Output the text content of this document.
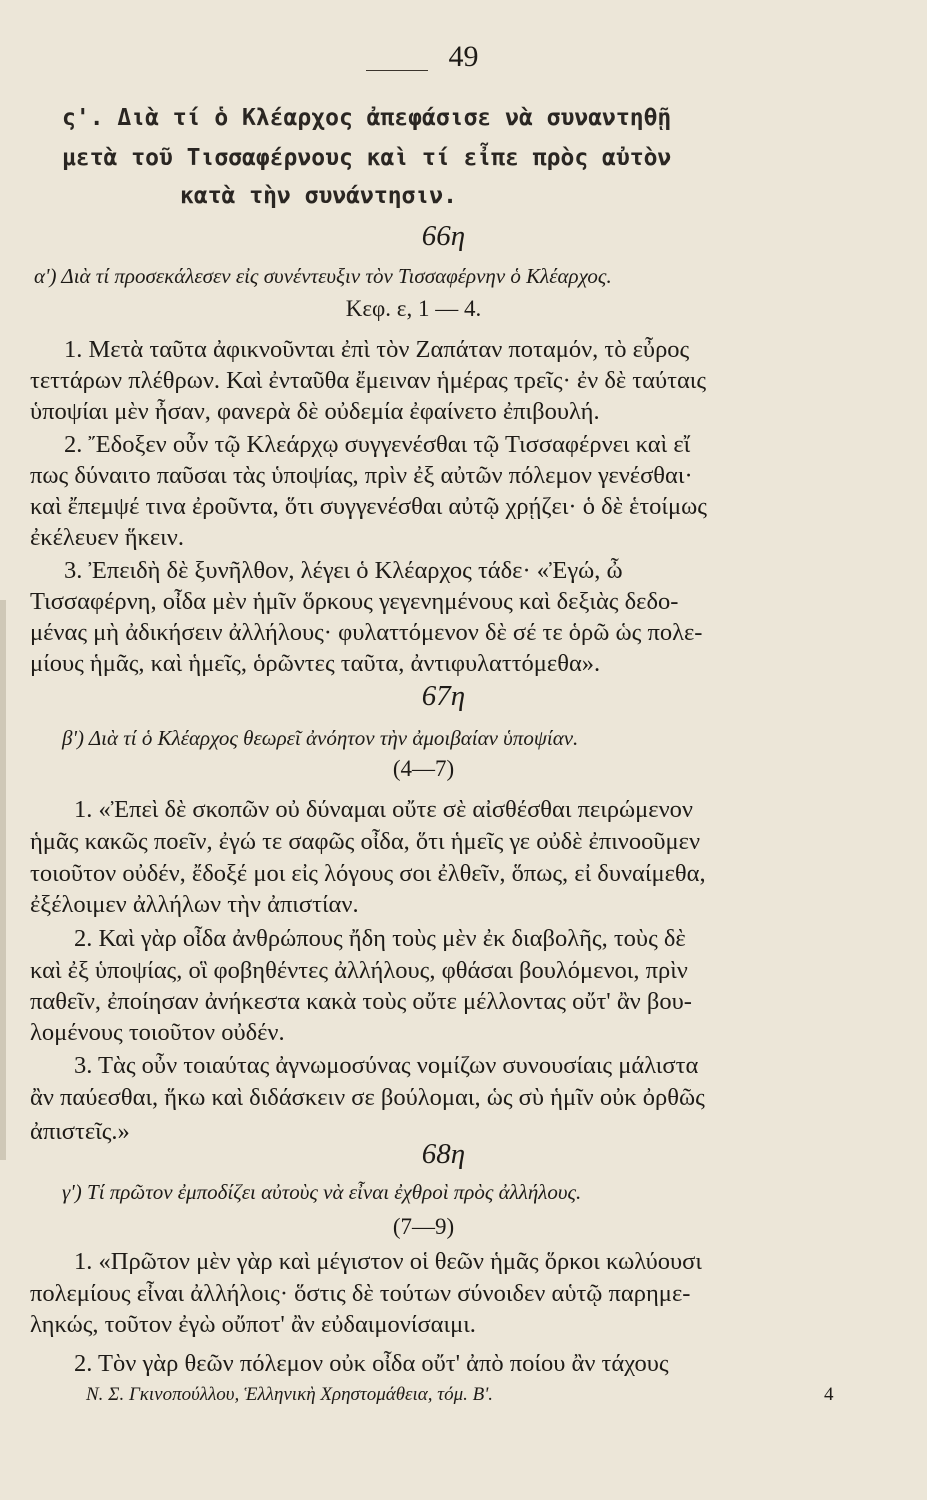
49
ς'. Διὰ τί ὁ Κλέαρχος ἀπεφάσισε νὰ συναντηθῇ
μετὰ τοῦ Τισσαφέρνους καὶ τί εἶπε πρὸς αὐτὸν
κατὰ τὴν συνάντησιν.
66η
α') Διὰ τί προσεκάλεσεν εἰς συνέντευξιν τὸν Τισσαφέρνην ὁ Κλέαρχος.
Κεφ. ε, 1 — 4.
1. Μετὰ ταῦτα ἀφικνοῦνται ἐπὶ τὸν Ζαπάταν ποταμόν, τὸ εὖρος
τεττάρων πλέθρων. Καὶ ἐνταῦθα ἔμειναν ἡμέρας τρεῖς· ἐν δὲ ταύταις
ὑποψίαι μὲν ἦσαν, φανερὰ δὲ οὐδεμία ἐφαίνετο ἐπιβουλή.
2. Ἔδοξεν οὖν τῷ Κλεάρχῳ συγγενέσθαι τῷ Τισσαφέρνει καὶ εἴ
πως δύναιτο παῦσαι τὰς ὑποψίας, πρὶν ἐξ αὐτῶν πόλεμον γενέσθαι·
καὶ ἔπεμψέ τινα ἐροῦντα, ὅτι συγγενέσθαι αὐτῷ χρῄζει· ὁ δὲ ἑτοίμως
ἐκέλευεν ἥκειν.
3. Ἐπειδὴ δὲ ξυνῆλθον, λέγει ὁ Κλέαρχος τάδε· «Ἐγώ, ὦ
Τισσαφέρνη, οἶδα μὲν ἡμῖν ὅρκους γεγενημένους καὶ δεξιὰς δεδο-
μένας μὴ ἀδικήσειν ἀλλήλους· φυλαττόμενον δὲ σέ τε ὁρῶ ὡς πολε-
μίους ἡμᾶς, καὶ ἡμεῖς, ὁρῶντες ταῦτα, ἀντιφυλαττόμεθα».
67η
β') Διὰ τί ὁ Κλέαρχος θεωρεῖ ἀνόητον τὴν ἀμοιβαίαν ὑποψίαν.
(4—7)
1. «Ἐπεὶ δὲ σκοπῶν οὐ δύναμαι οὔτε σὲ αἰσθέσθαι πειρώμενον
ἡμᾶς κακῶς ποεῖν, ἐγώ τε σαφῶς οἶδα, ὅτι ἡμεῖς γε οὐδὲ ἐπινοοῦμεν
τοιοῦτον οὐδέν, ἔδοξέ μοι εἰς λόγους σοι ἐλθεῖν, ὅπως, εἰ δυναίμεθα,
ἐξέλοιμεν ἀλλήλων τὴν ἀπιστίαν.
2. Καὶ γὰρ οἶδα ἀνθρώπους ἤδη τοὺς μὲν ἐκ διαβολῆς, τοὺς δὲ
καὶ ἐξ ὑποψίας, οἳ φοβηθέντες ἀλλήλους, φθάσαι βουλόμενοι, πρὶν
παθεῖν, ἐποίησαν ἀνήκεστα κακὰ τοὺς οὔτε μέλλοντας οὔτ' ἂν βου-
λομένους τοιοῦτον οὐδέν.
3. Τὰς οὖν τοιαύτας ἀγνωμοσύνας νομίζων συνουσίαις μάλιστα
ἂν παύεσθαι, ἥκω καὶ διδάσκειν σε βούλομαι, ὡς σὺ ἡμῖν οὐκ ὀρθῶς
ἀπιστεῖς.»
68η
γ') Τί πρῶτον ἐμποδίζει αὐτοὺς νὰ εἶναι ἐχθροὶ πρὸς ἀλλήλους.
(7—9)
1. «Πρῶτον μὲν γὰρ καὶ μέγιστον οἱ θεῶν ἡμᾶς ὅρκοι κωλύουσι
πολεμίους εἶναι ἀλλήλοις· ὅστις δὲ τούτων σύνοιδεν αὑτῷ παρημε-
ληκώς, τοῦτον ἐγὼ οὔποτ' ἂν εὐδαιμονίσαιμι.
2. Τὸν γὰρ θεῶν πόλεμον οὐκ οἶδα οὔτ' ἀπὸ ποίου ἂν τάχους
Ν. Σ. Γκινοπούλλου, Ἑλληνικὴ Χρηστομάθεια, τόμ. Β'.	4
